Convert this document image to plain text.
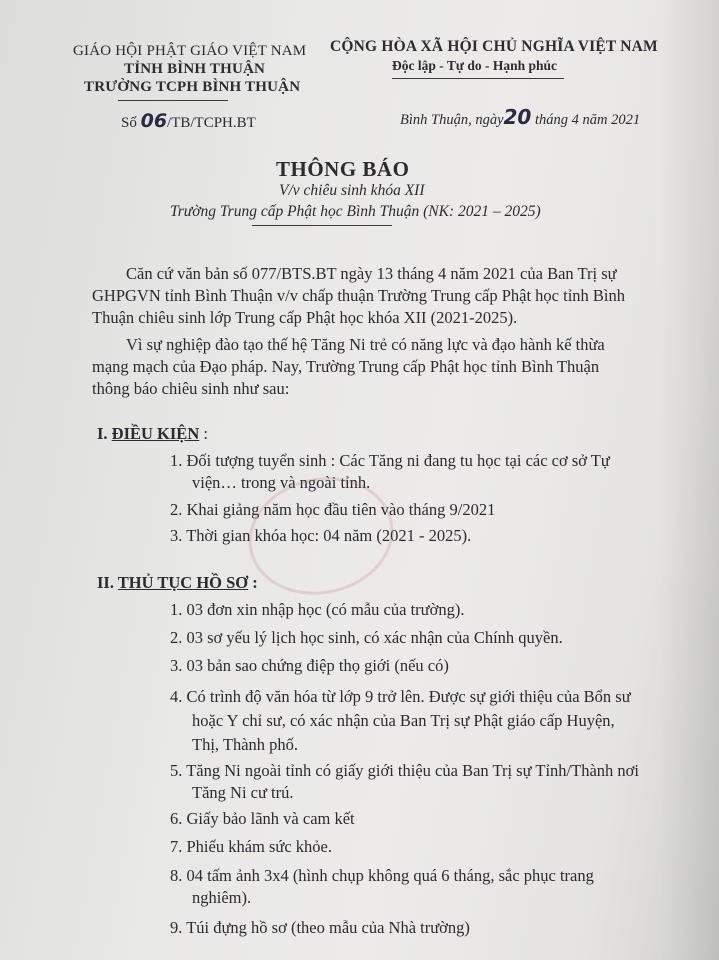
GIÁO HỘI PHẬT GIÁO VIỆT NAM
TỈNH BÌNH THUẬN
TRƯỜNG TCPH BÌNH THUẬN
CỘNG HÒA XÃ HỘI CHỦ NGHĨA VIỆT NAM
Độc lập - Tự do - Hạnh phúc
Số 06/TB/TCPH.BT	Bình Thuận, ngày20 tháng 4 năm 2021
THÔNG BÁO
V/v chiêu sinh khóa XII
Trường Trung cấp Phật học Bình Thuận (NK: 2021 – 2025)
Căn cứ văn bản số 077/BTS.BT ngày 13 tháng 4 năm 2021 của Ban Trị sự
GHPGVN tỉnh Bình Thuận v/v chấp thuận Trường Trung cấp Phật học tỉnh Bình
Thuận chiêu sinh lớp Trung cấp Phật học khóa XII (2021-2025).
Vì sự nghiệp đào tạo thế hệ Tăng Ni trẻ có năng lực và đạo hành kế thừa
mạng mạch của Đạo pháp. Nay, Trường Trung cấp Phật học tỉnh Bình Thuận
thông báo chiêu sinh như sau:
I. ĐIỀU KIỆN :
1. Đối tượng tuyển sinh : Các Tăng ni đang tu học tại các cơ sở Tự
viện… trong và ngoài tỉnh.
2. Khai giảng năm học đầu tiên vào tháng 9/2021
3. Thời gian khóa học: 04 năm (2021 - 2025).
II. THỦ TỤC HỒ SƠ :
1. 03 đơn xin nhập học (có mẫu của trường).
2. 03 sơ yếu lý lịch học sinh, có xác nhận của Chính quyền.
3. 03 bản sao chứng điệp thọ giới (nếu có)
4. Có trình độ văn hóa từ lớp 9 trở lên. Được sự giới thiệu của Bổn sư
hoặc Y chỉ sư, có xác nhận của Ban Trị sự Phật giáo cấp Huyện,
Thị, Thành phố.
5. Tăng Ni ngoài tỉnh có giấy giới thiệu của Ban Trị sự Tỉnh/Thành nơi
Tăng Ni cư trú.
6. Giấy bảo lãnh và cam kết
7. Phiếu khám sức khỏe.
8. 04 tấm ảnh 3x4 (hình chụp không quá 6 tháng, sắc phục trang
nghiêm).
9. Túi đựng hồ sơ (theo mẫu của Nhà trường)
